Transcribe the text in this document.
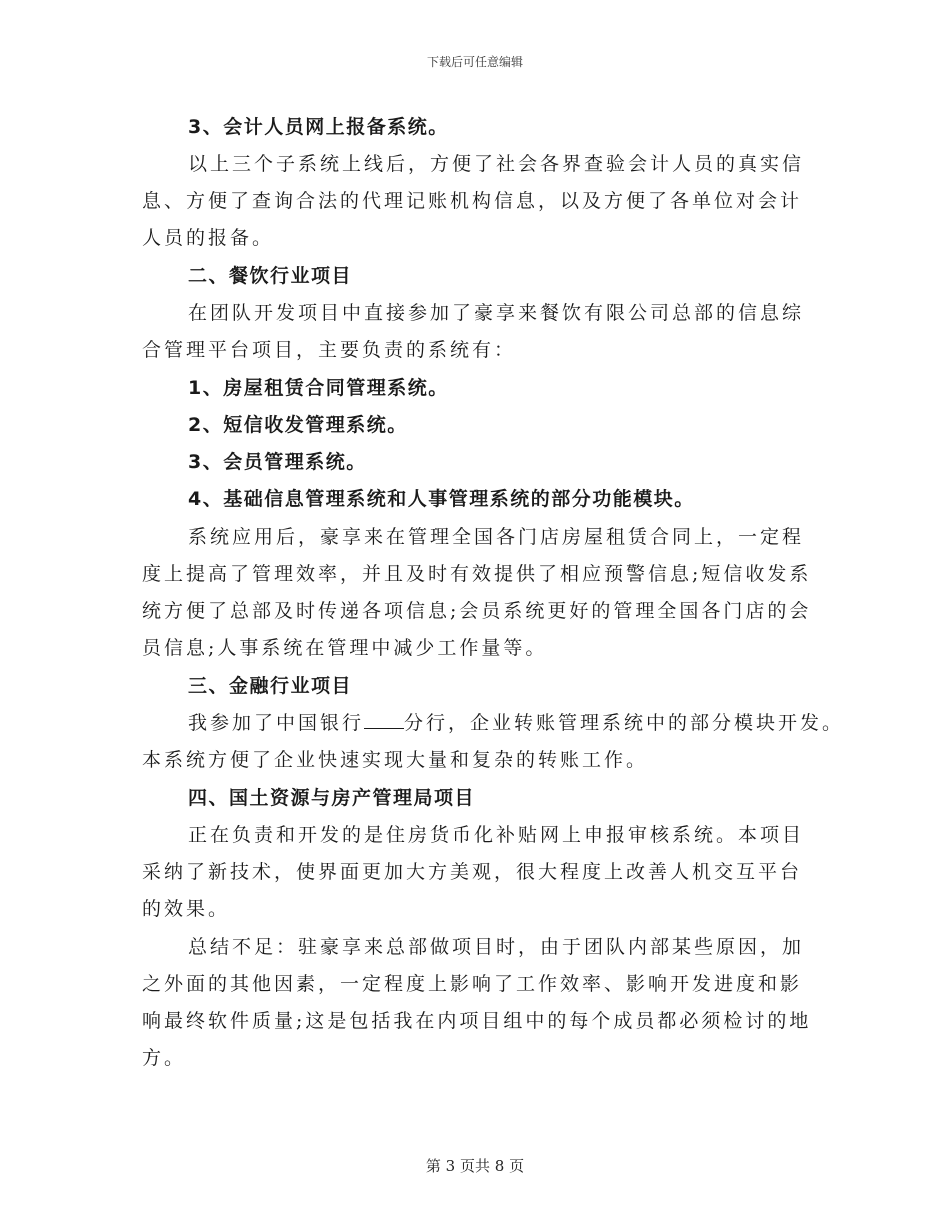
下载后可任意编辑
3、会计人员网上报备系统。
以上三个子系统上线后，方便了社会各界查验会计人员的真实信
息、方便了查询合法的代理记账机构信息，以及方便了各单位对会计
人员的报备。
二、餐饮行业项目
在团队开发项目中直接参加了豪享来餐饮有限公司总部的信息综
合管理平台项目，主要负责的系统有：
1、房屋租赁合同管理系统。
2、短信收发管理系统。
3、会员管理系统。
4、基础信息管理系统和人事管理系统的部分功能模块。
系统应用后，豪享来在管理全国各门店房屋租赁合同上，一定程
度上提高了管理效率，并且及时有效提供了相应预警信息;短信收发系
统方便了总部及时传递各项信息;会员系统更好的管理全国各门店的会
员信息;人事系统在管理中减少工作量等。
三、金融行业项目
我参加了中国银行 分行，企业转账管理系统中的部分模块开发。
本系统方便了企业快速实现大量和复杂的转账工作。
四、国土资源与房产管理局项目
正在负责和开发的是住房货币化补贴网上申报审核系统。本项目
采纳了新技术，使界面更加大方美观，很大程度上改善人机交互平台
的效果。
总结不足：驻豪享来总部做项目时，由于团队内部某些原因，加
之外面的其他因素，一定程度上影响了工作效率、影响开发进度和影
响最终软件质量;这是包括我在内项目组中的每个成员都必须检讨的地
方。
第 3 页共 8 页
